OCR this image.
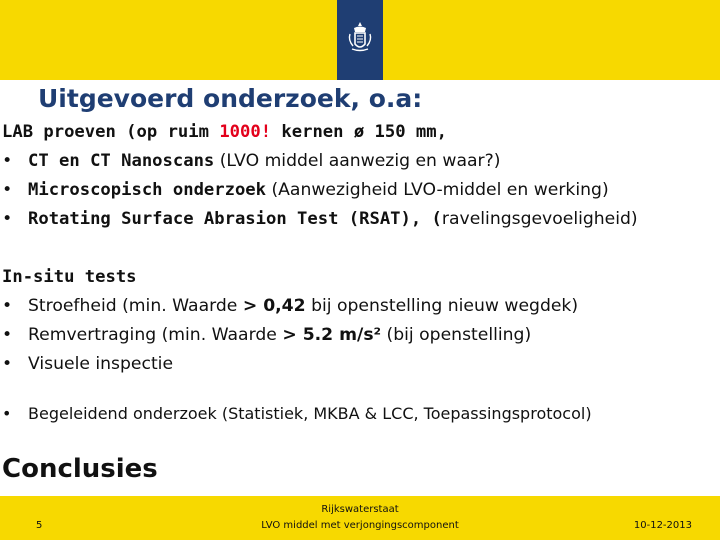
Uitgevoerd onderzoek, o.a:
LAB proeven (op ruim 1000! kernen ø 150 mm,
• CT en CT Nanoscans (LVO middel aanwezig en waar?)
• Microscopisch onderzoek (Aanwezigheid LVO-middel en werking)
• Rotating Surface Abrasion Test (RSAT), (ravelingsgevoeligheid)
In-situ tests
• Stroefheid (min. Waarde > 0,42 bij openstelling nieuw wegdek)
• Remvertraging (min. Waarde > 5.2 m/s² (bij openstelling)
• Visuele inspectie
•	Begeleidend onderzoek (Statistiek, MKBA & LCC, Toepassingsprotocol)
Conclusies
5
Rijkswaterstaat
LVO middel met verjongingscomponent	10-12-2013
